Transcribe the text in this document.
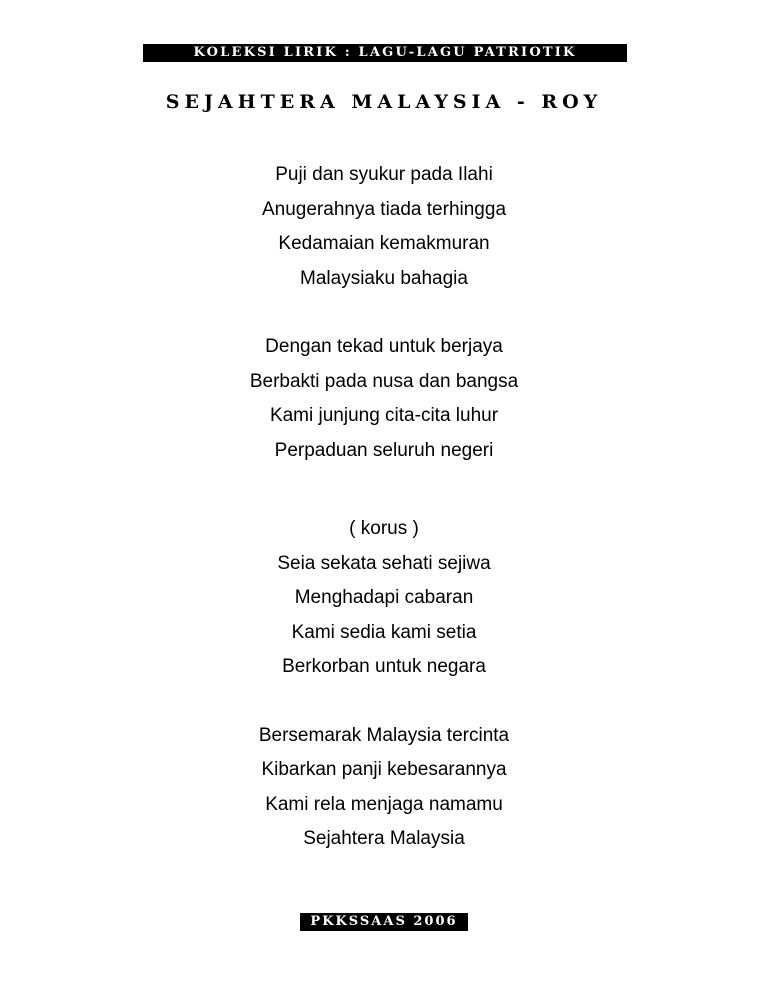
KOLEKSI LIRIK : LAGU-LAGU PATRIOTIK
SEJAHTERA MALAYSIA - ROY
Puji dan syukur pada Ilahi
Anugerahnya tiada terhingga
Kedamaian kemakmuran
Malaysiaku bahagia
Dengan tekad untuk berjaya
Berbakti pada nusa dan bangsa
Kami junjung cita-cita luhur
Perpaduan seluruh negeri
( korus )
Seia sekata sehati sejiwa
Menghadapi cabaran
Kami sedia kami setia
Berkorban untuk negara
Bersemarak Malaysia tercinta
Kibarkan panji kebesarannya
Kami rela menjaga namamu
Sejahtera Malaysia
PKKSSAAS 2006
